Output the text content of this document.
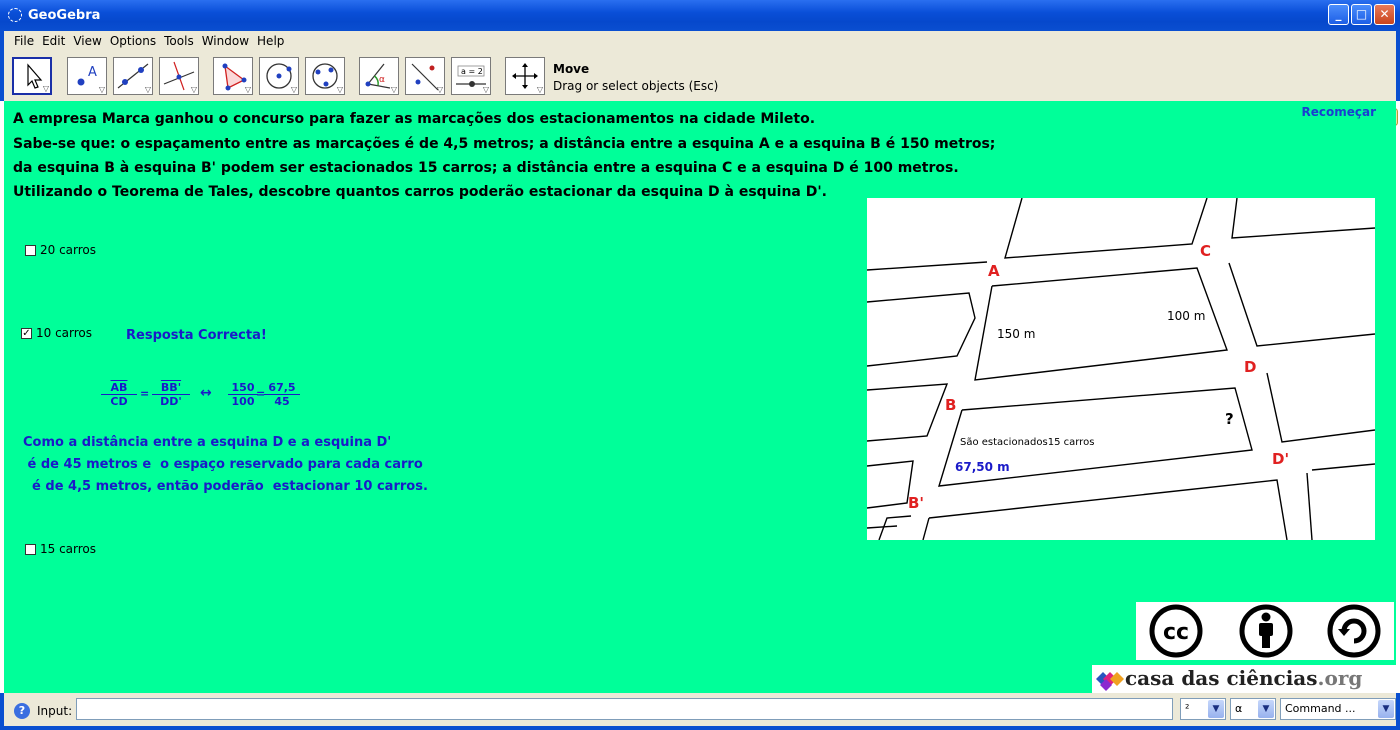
GeoGebra	_	□	✕
File Edit View Options Tools Window Help
▽
A
▽	▽	▽	▽	▽	▽
α
▽	▽
a = 2
▽	▽
Move
Drag or select objects (Esc)
Recomeçar
A empresa Marca ganhou o concurso para fazer as marcações dos estacionamentos na cidade Mileto.
Sabe-se que: o espaçamento entre as marcações é de 4,5 metros; a distância entre a esquina A e a esquina B é 150 metros;
da esquina B à esquina B' podem ser estacionados 15 carros; a distância entre a esquina C e a esquina D é 100 metros.
Utilizando o Teorema de Tales, descobre quantos carros poderão estacionar da esquina D à esquina D'.
20 carros
✓ 10 carros	Resposta Correcta!
$\frac{\overline{AB}}{CD} = \frac{BB'}{DD'}$ ↔ $\frac{150}{100}$
=
$\frac{67,5}{45}$
Como a distância entre a esquina D e a esquina D'
é de 45 metros e  o espaço reservado para cada carro
é de 4,5 metros, então poderão  estacionar 10 carros.
15 carros
A
C
D
B
D'
B'
150 m
100 m
?
São estacionados15 carros
67,50 m
cc
casa das ciências.org
? Input:	²	▼	α	▼	Command ...	▼
